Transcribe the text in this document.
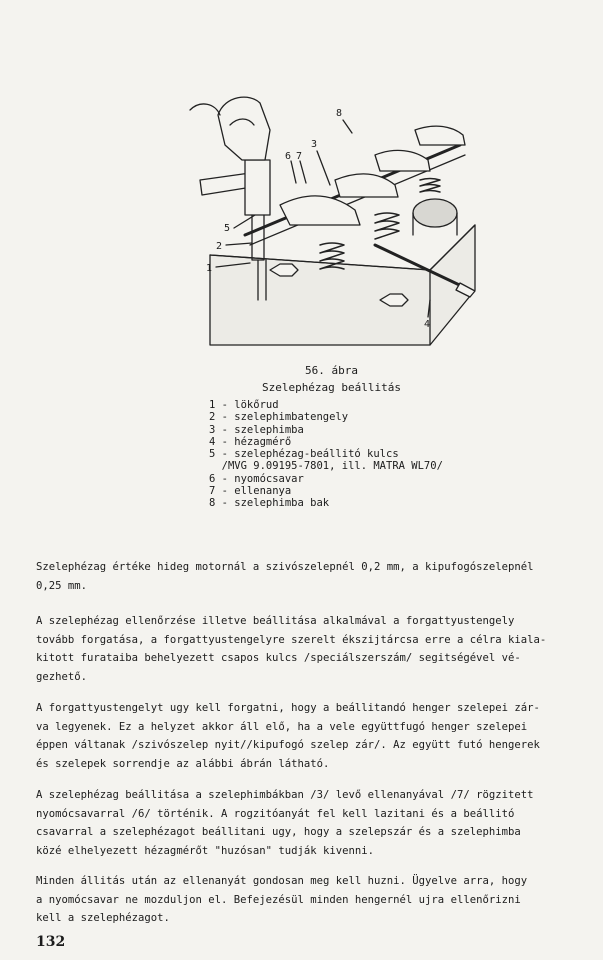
1
2
3
4
5
6 7
8
56. ábra
Szelephézag beállitás
1 - lökőrud
2 - szelephimbatengely
3 - szelephimba
4 - hézagmérő
5 - szelephézag-beállitó kulcs
/MVG 9.09195-7801, ill. MATRA WL70/
6 - nyomócsavar
7 - ellenanya
8 - szelephimba bak
Szelephézag értéke hideg motornál a szivószelepnél 0,2 mm, a kipufogószelepnél
0,25 mm.
A szelephézag ellenőrzése illetve beállitása alkalmával a forgattyustengely
tovább forgatása, a forgattyustengelyre szerelt ékszijtárcsa erre a célra kiala-
kitott furataiba behelyezett csapos kulcs /speciálszerszám/ segitségével vé-
gezhető.
A forgattyustengelyt ugy kell forgatni, hogy a beállitandó henger szelepei zár-
va legyenek. Ez a helyzet akkor áll elő, ha a vele együttfugó henger szelepei
éppen váltanak /szivószelep nyit//kipufogó szelep zár/. Az együtt futó hengerek
és szelepek sorrendje az alábbi ábrán látható.
A szelephézag beállitása a szelephimbákban /3/ levő ellenanyával /7/ rögzitett
nyomócsavarral /6/ történik. A rogzitóanyát fel kell lazitani és a beállitó
csavarral a szelephézagot beállitani ugy, hogy a szelepszár és a szelephimba
közé elhelyezett hézagmérőt "huzósan" tudják kivenni.
Minden állitás után az ellenanyát gondosan meg kell huzni. Ügyelve arra, hogy
a nyomócsavar ne mozduljon el. Befejezésül minden hengernél ujra ellenőrizni
kell a szelephézagot.
132
